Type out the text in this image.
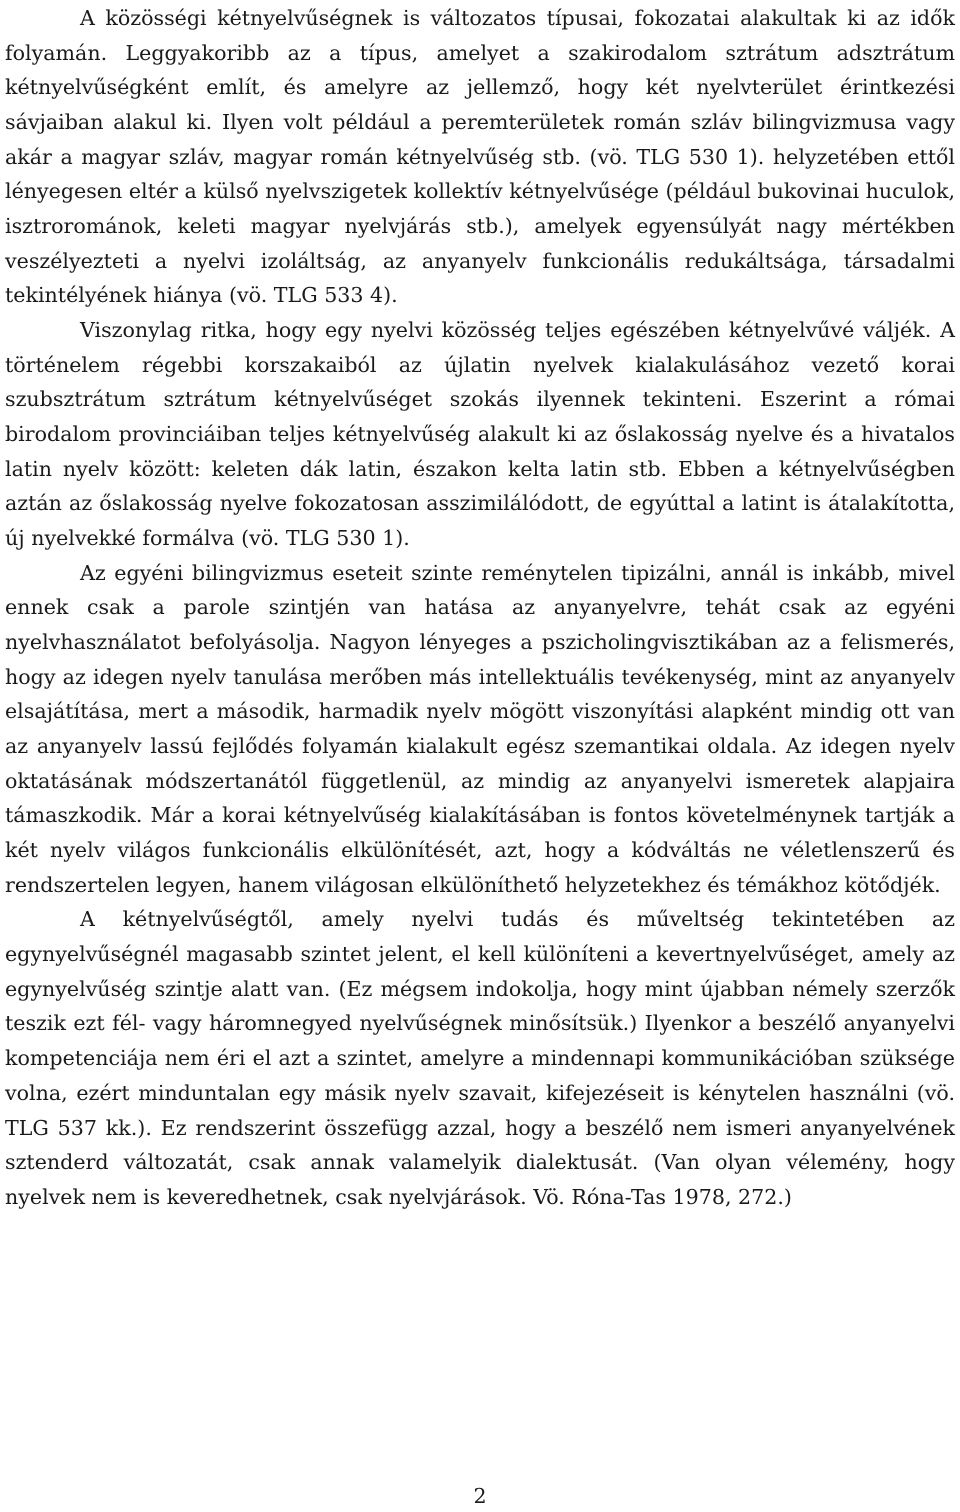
A közösségi kétnyelvűségnek is változatos típusai, fokozatai alakultak ki az idők folyamán. Leggyakoribb az a típus, amelyet a szakirodalom sztrátum adsztrátum kétnyelvűségként említ, és amelyre az jellemző, hogy két nyelvterület érintkezési sávjaiban alakul ki. Ilyen volt például a peremterületek román szláv bilingvizmusa vagy akár a magyar szláv, magyar román kétnyelvűség stb. (vö. TLG 530 1). helyzetében ettől lényegesen eltér a külső nyelvszigetek kollektív kétnyelvűsége (például bukovinai huculok, isztrorománok, keleti magyar nyelvjárás stb.), amelyek egyensúlyát nagy mértékben veszélyezteti a nyelvi izoláltság, az anyanyelv funkcionális redukáltsága, társadalmi tekintélyének hiánya (vö. TLG 533 4).

Viszonylag ritka, hogy egy nyelvi közösség teljes egészében kétnyelvűvé váljék. A történelem régebbi korszakaiból az újlatin nyelvek kialakulásához vezető korai szubsztrátum sztrátum kétnyelvűséget szokás ilyennek tekinteni. Eszerint a római birodalom provinciáiban teljes kétnyelvűség alakult ki az őslakosság nyelve és a hivatalos latin nyelv között: keleten dák latin, északon kelta latin stb. Ebben a kétnyelvűségben aztán az őslakosság nyelve fokozatosan asszimilálódott, de egyúttal a latint is átalakította, új nyelvekké formálva (vö. TLG 530 1).

Az egyéni bilingvizmus eseteit szinte reménytelen tipizálni, annál is inkább, mivel ennek csak a parole szintjén van hatása az anyanyelvre, tehát csak az egyéni nyelvhasználatot befolyásolja. Nagyon lényeges a pszicholingvisztikában az a felismerés, hogy az idegen nyelv tanulása merőben más intellektuális tevékenység, mint az anyanyelv elsajátítása, mert a második, harmadik nyelv mögött viszonyítási alapként mindig ott van az anyanyelv lassú fejlődés folyamán kialakult egész szemantikai oldala. Az idegen nyelv oktatásának módszertanától függetlenül, az mindig az anyanyelvi ismeretek alapjaira támaszkodik. Már a korai kétnyelvűség kialakításában is fontos követelménynek tartják a két nyelv világos funkcionális elkülönítését, azt, hogy a kódváltás ne véletlenszerű és rendszertelen legyen, hanem világosan elkülöníthető helyzetekhez és témákhoz kötődjék.

A kétnyelvűségtől, amely nyelvi tudás és műveltség tekintetében az egynyelvűségnél magasabb szintet jelent, el kell különíteni a kevertnyelvűséget, amely az egynyelvűség szintje alatt van. (Ez mégsem indokolja, hogy mint újabban némely szerzők teszik ezt fél- vagy háromnegyed nyelvűségnek minősítsük.) Ilyenkor a beszélő anyanyelvi kompetenciája nem éri el azt a szintet, amelyre a mindennapi kommunikációban szüksége volna, ezért minduntalan egy másik nyelv szavait, kifejezéseit is kénytelen használni (vö. TLG 537 kk.). Ez rendszerint összefügg azzal, hogy a beszélő nem ismeri anyanyelvének sztenderd változatát, csak annak valamelyik dialektusát. (Van olyan vélemény, hogy nyelvek nem is keveredhetnek, csak nyelvjárások. Vö. Róna-Tas 1978, 272.)

2
